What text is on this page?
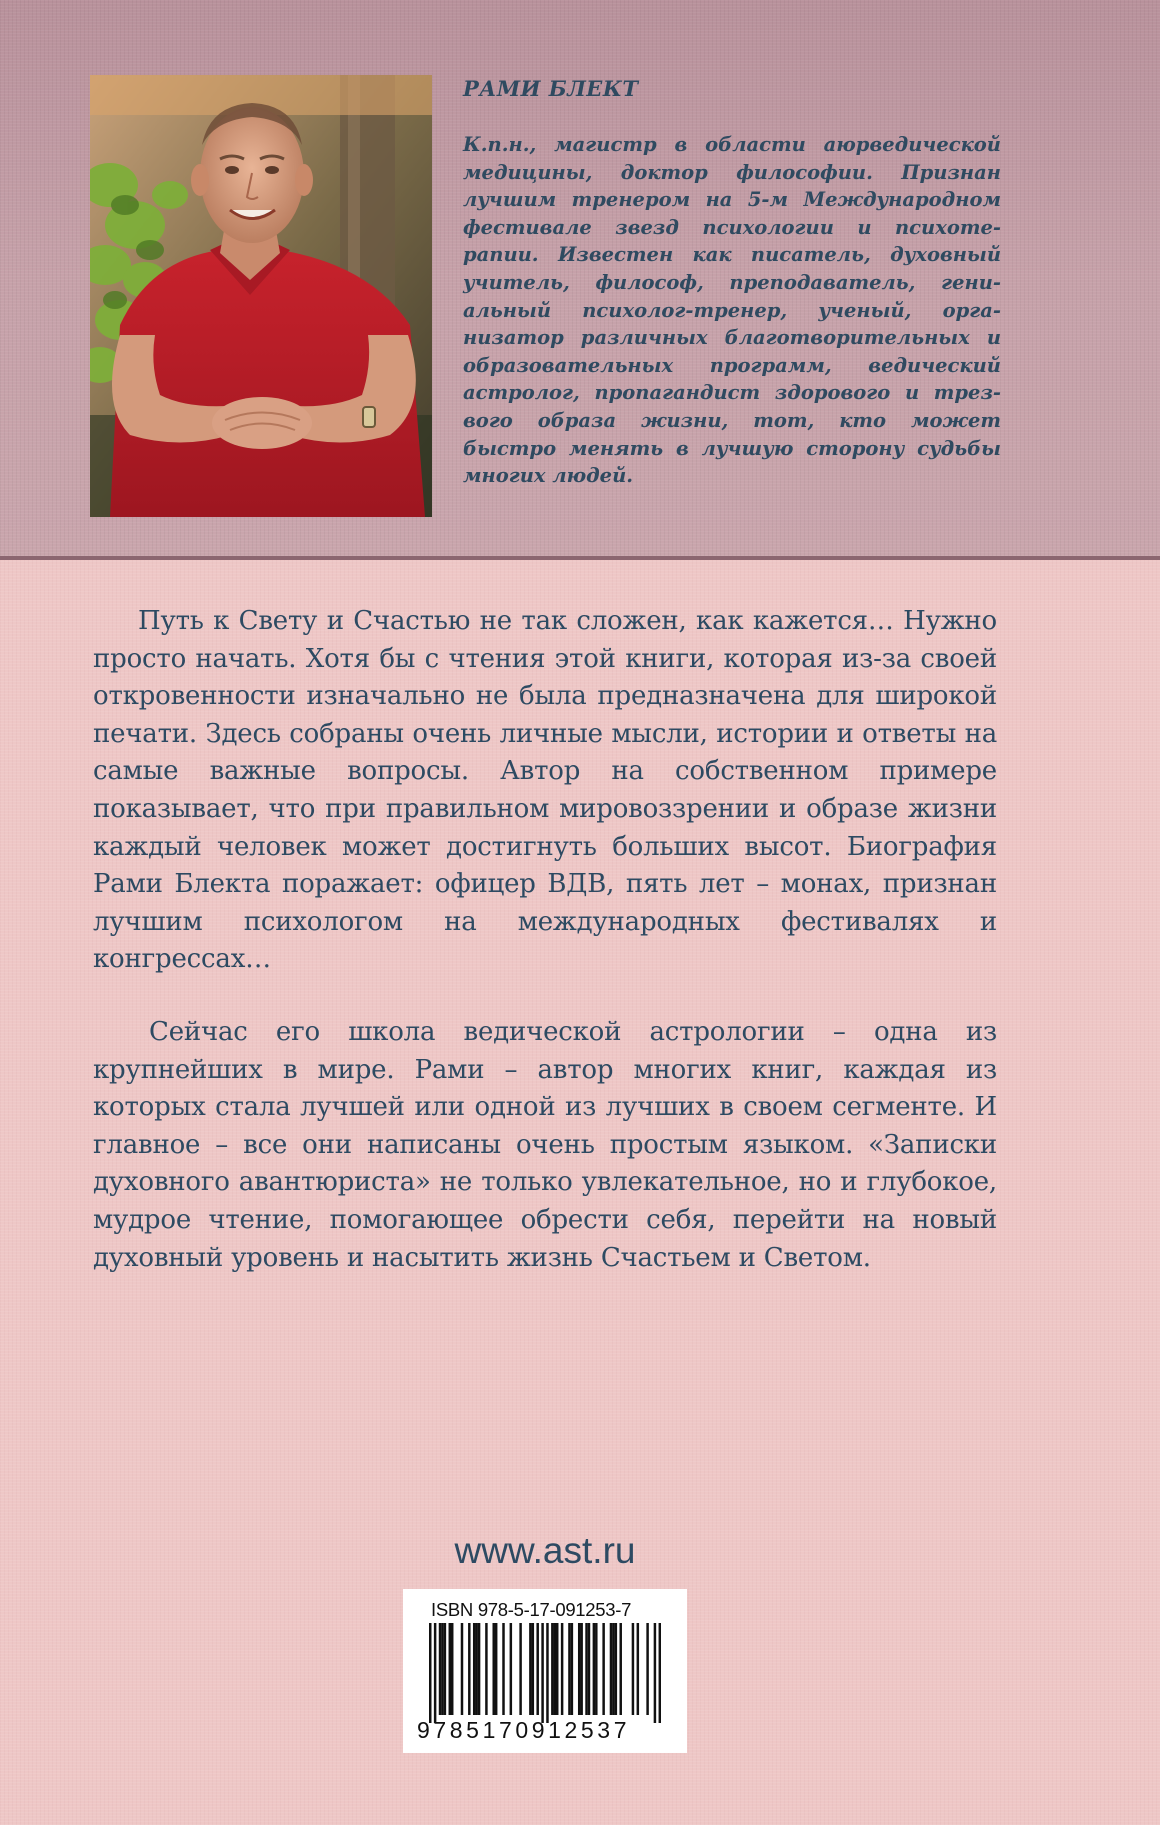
РАМИ БЛЕКТ

К.п.н., магистр в области аюрведической медицины, доктор философии. Признан лучшим тренером на 5-м Международном фестивале звезд психологии и психотерапии. Известен как писатель, духовный учитель, философ, преподаватель, гениальный психолог-тренер, ученый, организатор различных благотворительных и образовательных программ, ведический астролог, пропагандист здорового и трезвого образа жизни, тот, кто может быстро менять в лучшую сторону судьбы многих людей.

Путь к Свету и Счастью не так сложен, как кажется… Нужно просто начать. Хотя бы с чтения этой книги, которая из-за своей откровенности изначально не была предназначена для широкой печати. Здесь собраны очень личные мысли, истории и ответы на самые важные вопросы. Автор на собственном примере показывает, что при правильном мировоззрении и образе жизни каждый человек может достигнуть больших высот. Биография Рами Блекта поражает: офицер ВДВ, пять лет – монах, признан лучшим психологом на международных фестивалях и конгрессах…

Сейчас его школа ведической астрологии – одна из крупнейших в мире. Рами – автор многих книг, каждая из которых стала лучшей или одной из лучших в своем сегменте. И главное – все они написаны очень простым языком. «Записки духовного авантюриста» не только увлекательное, но и глубокое, мудрое чтение, помогающее обрести себя, перейти на новый духовный уровень и насытить жизнь Счастьем и Светом.

www.ast.ru
ISBN 978-5-17-091253-7
9785170912537
